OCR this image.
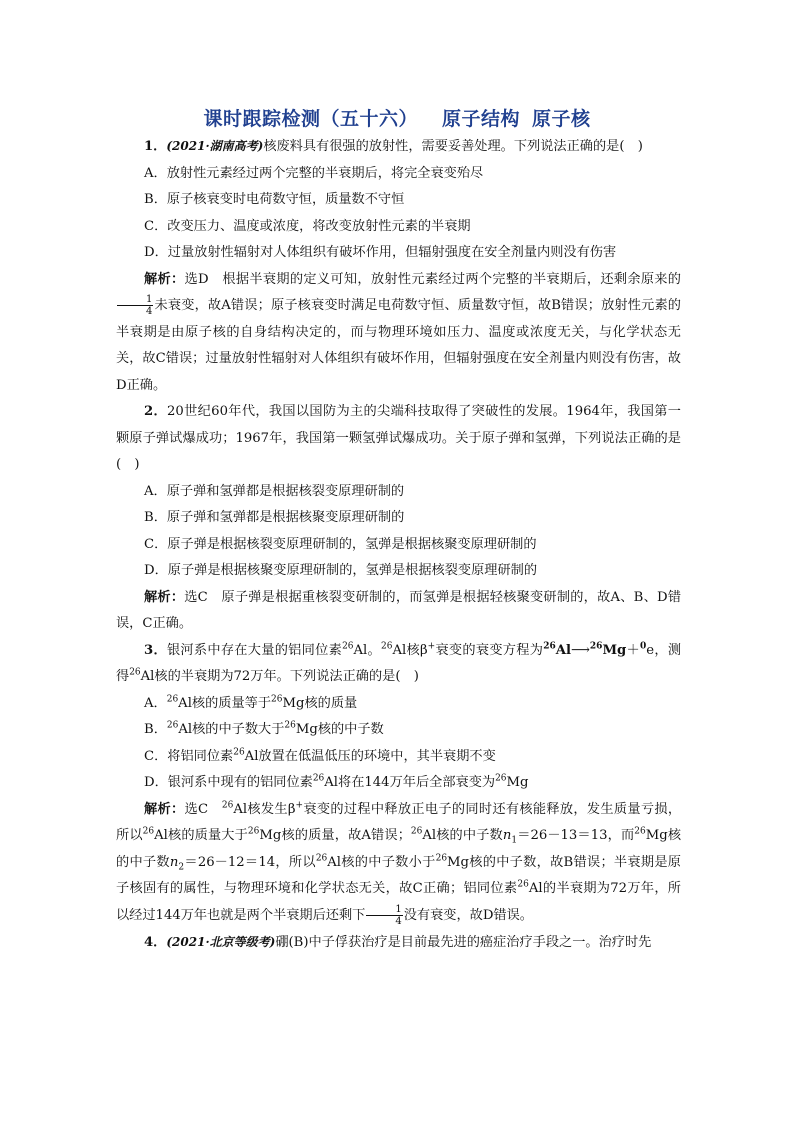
课时跟踪检测（五十六） 原子结构 原子核

1．(2021·湖南高考)核废料具有很强的放射性，需要妥善处理。下列说法正确的是(　)

A．放射性元素经过两个完整的半衰期后，将完全衰变殆尽

B．原子核衰变时电荷数守恒，质量数不守恒

C．改变压力、温度或浓度，将改变放射性元素的半衰期

D．过量放射性辐射对人体组织有破坏作用，但辐射强度在安全剂量内则没有伤害

解析：选D　根据半衰期的定义可知，放射性元素经过两个完整的半衰期后，还剩余原来的
$\frac{1}{4}$ 未衰变，故A错误；原子核衰变时满足电荷数守恒、质量数守恒，故B错误；放射性元素的半衰期是由原子核的自身结构决定的，而与物理环境如压力、温度或浓度无关，与化学状态无关，故C错误；过量放射性辐射对人体组织有破坏作用，但辐射强度在安全剂量内则没有伤害，故D正确。

2．20世纪60年代，我国以国防为主的尖端科技取得了突破性的发展。1964年，我国第一颗原子弹试爆成功；1967年，我国第一颗氢弹试爆成功。关于原子弹和氢弹，下列说法正确的是(　)

A．原子弹和氢弹都是根据核裂变原理研制的

B．原子弹和氢弹都是根据核聚变原理研制的

C．原子弹是根据核裂变原理研制的，氢弹是根据核聚变原理研制的

D．原子弹是根据核聚变原理研制的，氢弹是根据核裂变原理研制的

解析：选C　原子弹是根据重核裂变研制的，而氢弹是根据轻核聚变研制的，故A、B、D错误，C正确。

3．银河系中存在大量的铝同位素$^{26}$Al。$^{26}$Al核β+衰变的衰变方程为$^{26}$Al⟶$^{26}$Mg＋$^0$e，测得$^{26}$Al核的半衰期为72万年。下列说法正确的是(　)

A．$^{26}$Al核的质量等于$^{26}$Mg核的质量

B．$^{26}$Al核的中子数大于$^{26}$Mg核的中子数

C．将铝同位素$^{26}$Al放置在低温低压的环境中，其半衰期不变

D．银河系中现有的铝同位素$^{26}$Al将在144万年后全部衰变为$^{26}$Mg

解析：选C　$^{26}$Al核发生β+衰变的过程中释放正电子的同时还有核能释放，发生质量亏损，所以$^{26}$Al核的质量大于$^{26}$Mg核的质量，故A错误；$^{26}$Al核的中子数$n_1=26-13=13$，而$^{26}$Mg核的中子数$n_2=26-12=14$，所以$^{26}$Al核的中子数小于$^{26}$Mg核的中子数，故B错误；半衰期是原子核固有的属性，与物理环境和化学状态无关，故C正确；铝同位素$^{26}$Al的半衰期为72万年，所以经过144万年也就是两个半衰期后还剩下 $\frac{1}{4}$ 没有衰变，故D错误。

4．(2021·北京等级考)硼(B)中子俘获治疗是目前最先进的癌症治疗手段之一。治疗时先
